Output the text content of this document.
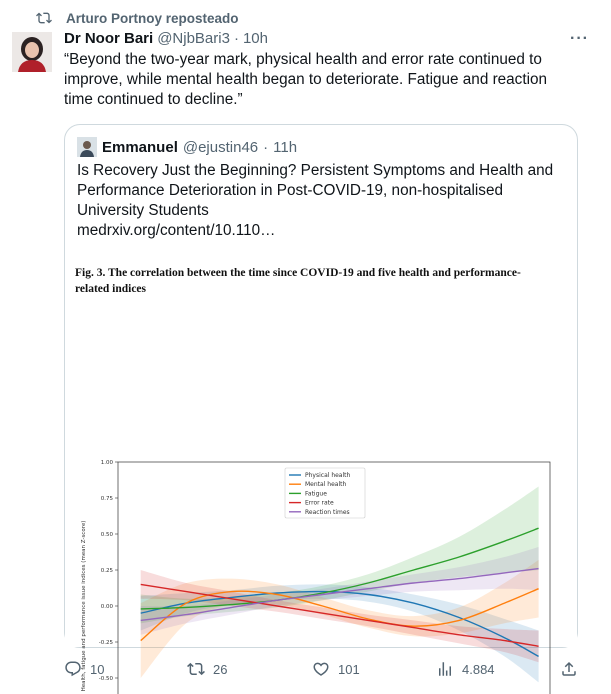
Arturo Portnoy reposteado
Dr Noor Bari @NjbBari3 · 10h	···
“Beyond the two-year mark, physical health and error rate continued to
improve, while mental health began to deteriorate. Fatigue and reaction
time continued to decline.”
Emmanuel @ejustin46 · 11h
Is Recovery Just the Beginning? Persistent Symptoms and Health and
Performance Deterioration in Post-COVID-19, non-hospitalised
University Students
medrxiv.org/content/10.110…
Fig. 3. The correlation between the time since COVID-19 and five health and performance-related indices
-0.50
-0.25
0.00
0.25
0.50
0.75
1.00
Health, fatigue and performance issue indices (mean Z-score)
Physical health
Mental health
Fatigue
Error rate
Reaction times
10	26	101	4.884
